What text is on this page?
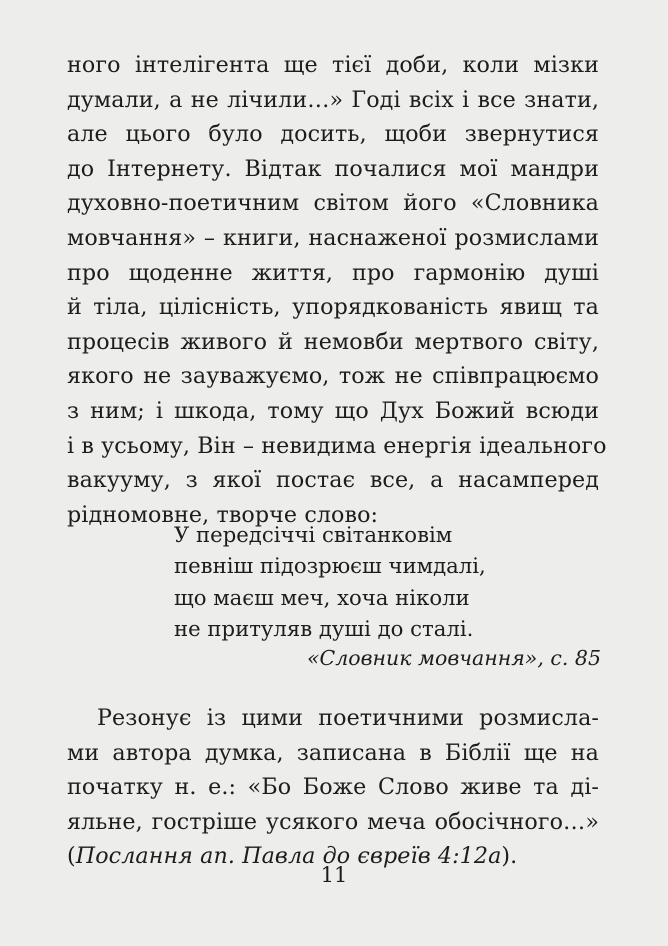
ного інтелігента ще тієї доби, коли мізки
думали, а не лічили…» Годі всіх і все знати,
але цього було досить, щоби звернутися
до Інтернету. Відтак почалися мої мандри
духовно-поетичним світом його «Словника
мовчання» – книги, наснаженої розмислами
про щоденне життя, про гармонію душі
й тіла, цілісність, упорядкованість явищ та
процесів живого й немовби мертвого світу,
якого не зауважуємо, тож не співпрацюємо
з ним; і шкода, тому що Дух Божий всюди
і в усьому, Він – невидима енергія ідеального
вакууму, з якої постає все, а насамперед
рідномовне, творче слово:
У передсіччі світанковім
певніш підозрюєш чимдалі,
що маєш меч, хоча ніколи
не притуляв душі до сталі.
«Словник мовчання», с. 85
Резонує із цими поетичними розмисла-
ми автора думка, записана в Біблії ще на
початку н. е.: «Бо Боже Слово живе та ді-
яльне, гостріше усякого меча обосічного…»
(Послання ап. Павла до євреїв 4:12а).
11
